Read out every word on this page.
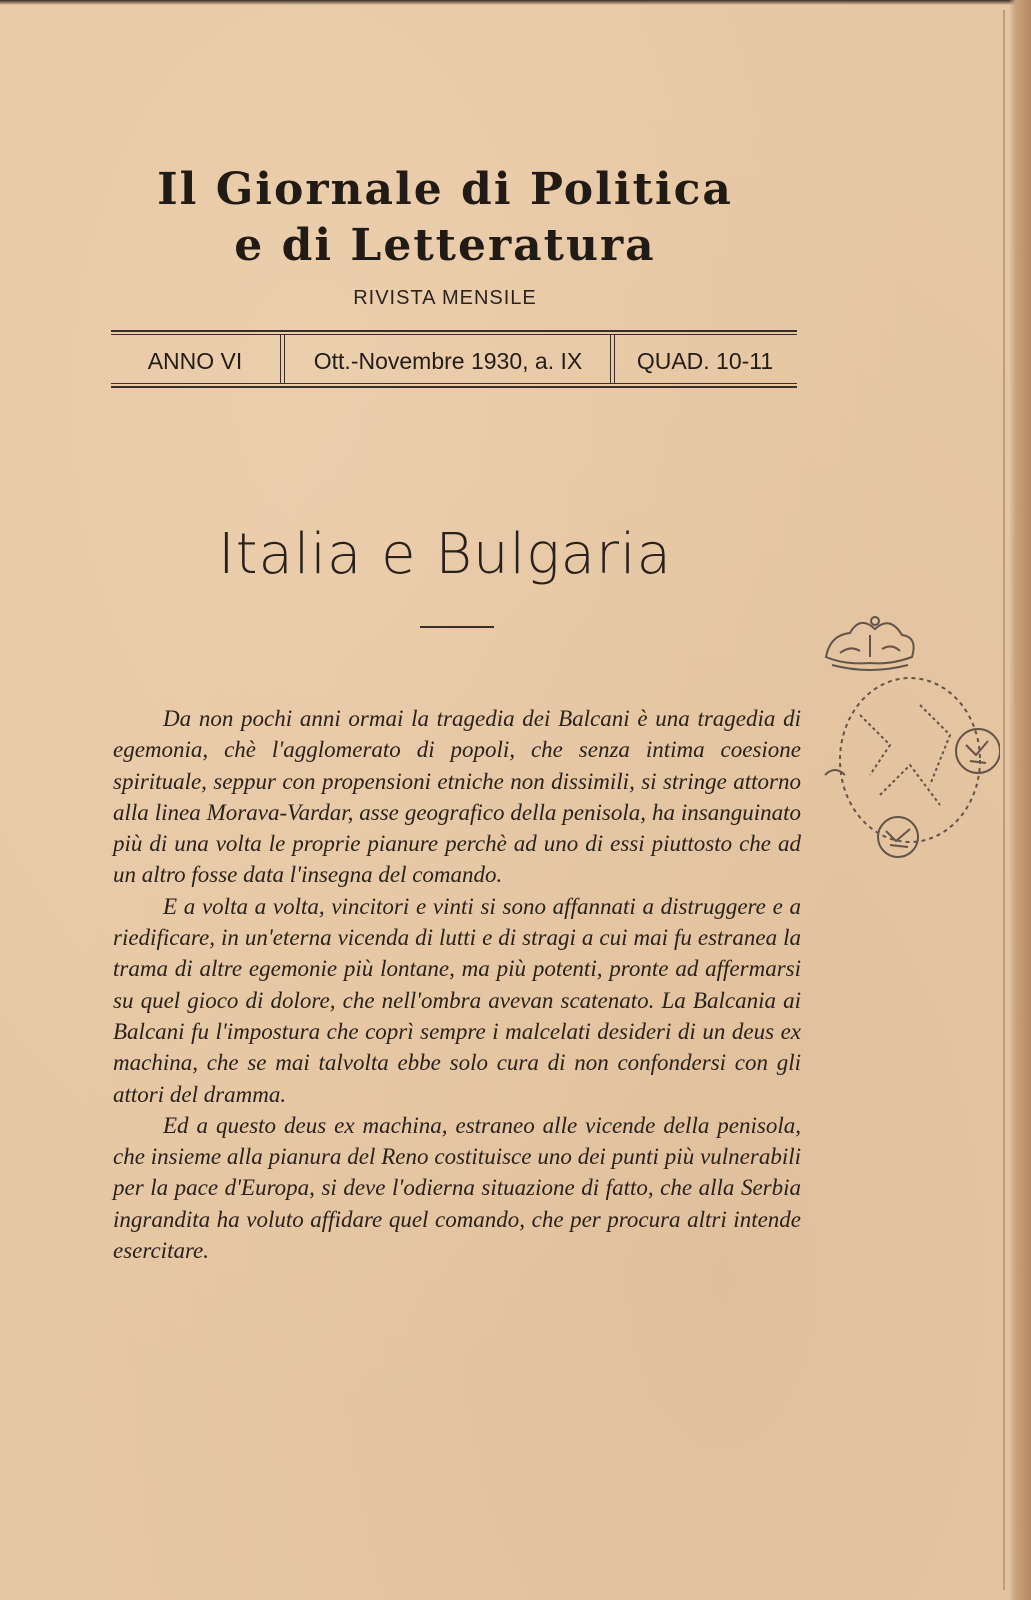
Il Giornale di Politica
e di Letteratura
RIVISTA MENSILE
ANNO VI	Ott.-Novembre 1930, a. IX	QUAD. 10-11
Italia e Bulgaria

Da non pochi anni ormai la tragedia dei Balcani è una tragedia di egemonia, chè l'agglomerato di popoli, che senza intima coesione spirituale, seppur con propensioni etniche non dissimili, si stringe attorno alla linea Morava-Vardar, asse geografico della penisola, ha insanguinato più di una volta le proprie pianure perchè ad uno di essi piuttosto che ad un altro fosse data l'insegna del comando.

E a volta a volta, vincitori e vinti si sono affannati a distruggere e a riedificare, in un'eterna vicenda di lutti e di stragi a cui mai fu estranea la trama di altre egemonie più lontane, ma più potenti, pronte ad affermarsi su quel gioco di dolore, che nell'ombra avevan scatenato. La Balcania ai Balcani fu l'impostura che coprì sempre i malcelati desideri di un deus ex machina, che se mai talvolta ebbe solo cura di non confondersi con gli attori del dramma.

Ed a questo deus ex machina, estraneo alle vicende della penisola, che insieme alla pianura del Reno costituisce uno dei punti più vulnerabili per la pace d'Europa, si deve l'odierna situazione di fatto, che alla Serbia ingrandita ha voluto affidare quel comando, che per procura altri intende esercitare.
